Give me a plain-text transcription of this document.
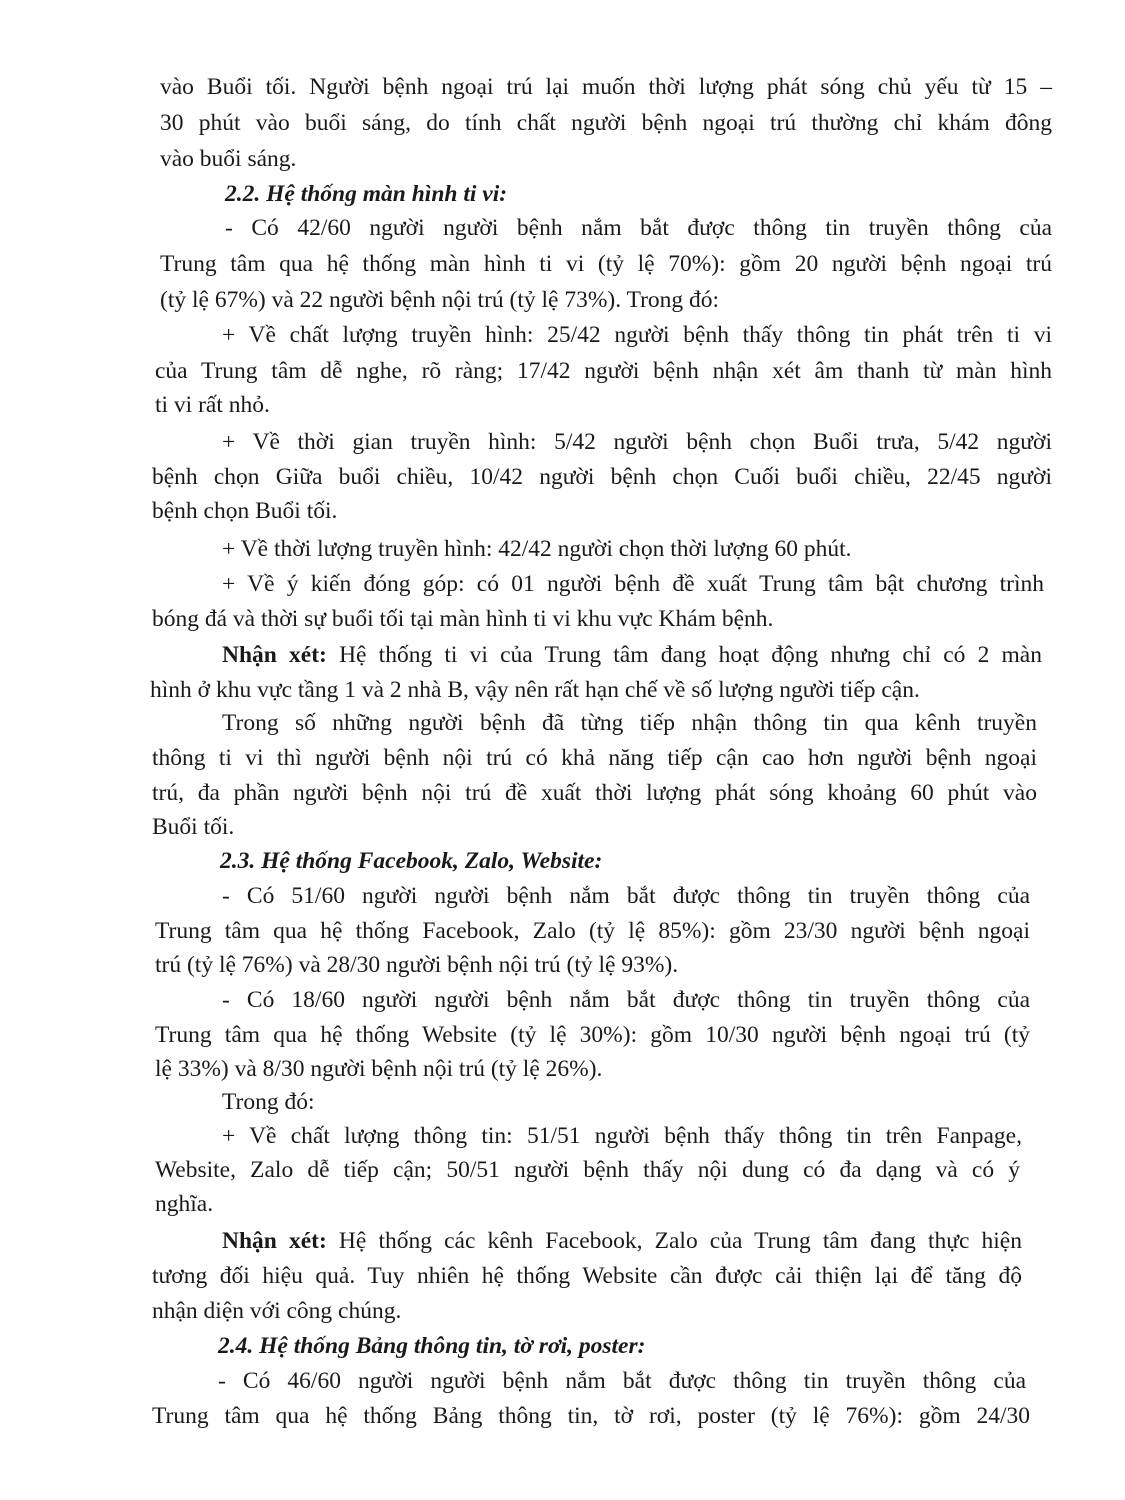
vào Buổi tối. Người bệnh ngoại trú lại muốn thời lượng phát sóng chủ yếu từ 15 –
30 phút vào buổi sáng, do tính chất người bệnh ngoại trú thường chỉ khám đông
vào buổi sáng.
2.2. Hệ thống màn hình ti vi:
- Có 42/60 người người bệnh nắm bắt được thông tin truyền thông của
Trung tâm qua hệ thống màn hình ti vi (tỷ lệ 70%): gồm 20 người bệnh ngoại trú
(tỷ lệ 67%) và 22 người bệnh nội trú (tỷ lệ 73%). Trong đó:
+ Về chất lượng truyền hình: 25/42 người bệnh thấy thông tin phát trên ti vi
của Trung tâm dễ nghe, rõ ràng; 17/42 người bệnh nhận xét âm thanh từ màn hình
ti vi rất nhỏ.
+ Về thời gian truyền hình: 5/42 người bệnh chọn Buổi trưa, 5/42 người
bệnh chọn Giữa buổi chiều, 10/42 người bệnh chọn Cuối buổi chiều, 22/45 người
bệnh chọn Buổi tối.
+ Về thời lượng truyền hình: 42/42 người chọn thời lượng 60 phút.
+ Về ý kiến đóng góp: có 01 người bệnh đề xuất Trung tâm bật chương trình
bóng đá và thời sự buổi tối tại màn hình ti vi khu vực Khám bệnh.
Nhận xét: Hệ thống ti vi của Trung tâm đang hoạt động nhưng chỉ có 2 màn
hình ở khu vực tầng 1 và 2 nhà B, vậy nên rất hạn chế về số lượng người tiếp cận.
Trong số những người bệnh đã từng tiếp nhận thông tin qua kênh truyền
thông ti vi thì người bệnh nội trú có khả năng tiếp cận cao hơn người bệnh ngoại
trú, đa phần người bệnh nội trú đề xuất thời lượng phát sóng khoảng 60 phút vào
Buổi tối.
2.3. Hệ thống Facebook, Zalo, Website:
- Có 51/60 người người bệnh nắm bắt được thông tin truyền thông của
Trung tâm qua hệ thống Facebook, Zalo (tỷ lệ 85%): gồm 23/30 người bệnh ngoại
trú (tỷ lệ 76%) và 28/30 người bệnh nội trú (tỷ lệ 93%).
- Có 18/60 người người bệnh nắm bắt được thông tin truyền thông của
Trung tâm qua hệ thống Website (tỷ lệ 30%): gồm 10/30 người bệnh ngoại trú (tỷ
lệ 33%) và 8/30 người bệnh nội trú (tỷ lệ 26%).
Trong đó:
+ Về chất lượng thông tin: 51/51 người bệnh thấy thông tin trên Fanpage,
Website, Zalo dễ tiếp cận; 50/51 người bệnh thấy nội dung có đa dạng và có ý
nghĩa.
Nhận xét: Hệ thống các kênh Facebook, Zalo của Trung tâm đang thực hiện
tương đối hiệu quả. Tuy nhiên hệ thống Website cần được cải thiện lại để tăng độ
nhận diện với công chúng.
2.4. Hệ thống Bảng thông tin, tờ rơi, poster:
- Có 46/60 người người bệnh nắm bắt được thông tin truyền thông của
Trung tâm qua hệ thống Bảng thông tin, tờ rơi, poster (tỷ lệ 76%): gồm 24/30
